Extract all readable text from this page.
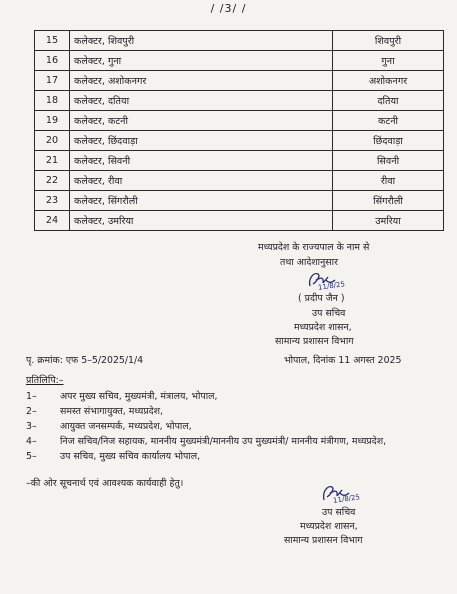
/ /3/ /
15	कलेक्टर, शिवपुरी	शिवपुरी
16	कलेक्टर, गुना	गुना
17	कलेक्टर, अशोकनगर	अशोकनगर
18	कलेक्टर, दतिया	दतिया
19	कलेक्टर, कटनी	कटनी
20	कलेक्टर, छिंदवाड़ा	छिंदवाड़ा
21	कलेक्टर, सिवनी	सिवनी
22	कलेक्टर, रीवा	रीवा
23	कलेक्टर, सिंगरौली	सिंगरौली
24	कलेक्टर, उमरिया	उमरिया
मध्यप्रदेश के राज्यपाल के नाम से
तथा आदेशानुसार
11/8/25
( प्रदीप जैन )
उप सचिव
मध्यप्रदेश शासन,
सामान्य प्रशासन विभाग
पृ. क्रमांक: एफ 5–5/2025/1/4	भोपाल, दिनांक 11 अगस्त 2025
प्रतिलिपि:–
1– अपर मुख्य सचिव, मुख्यमंत्री, मंत्रालय, भोपाल,
2– समस्त संभागायुक्त, मध्यप्रदेश,
3– आयुक्त जनसम्पर्क, मध्यप्रदेश, भोपाल,
4– निज सचिव/निज सहायक, माननीय मुख्यमंत्री/माननीय उप मुख्यमंत्री/ माननीय मंत्रीगण, मध्यप्रदेश,
5– उप सचिव, मुख्य सचिव कार्यालय भोपाल,
–की ओर सूचनार्थ एवं आवश्यक कार्यवाही हेतु।
11/8/25
उप सचिव
मध्यप्रदेश शासन,
सामान्य प्रशासन विभाग
